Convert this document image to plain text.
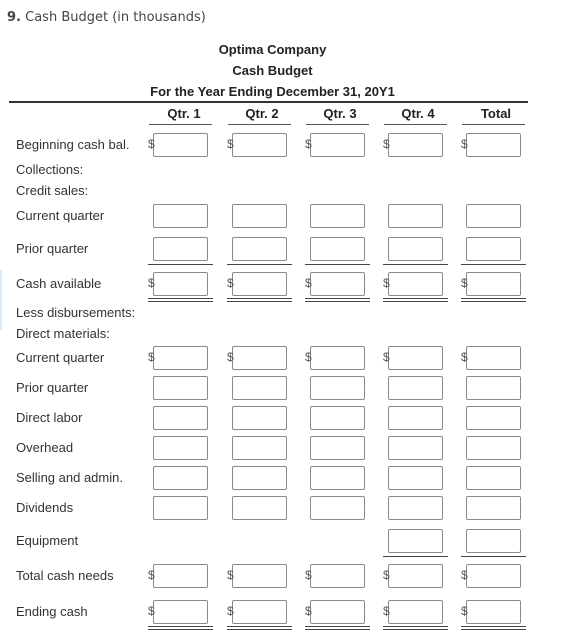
9. Cash Budget (in thousands)
Optima Company
Cash Budget
For the Year Ending December 31, 20Y1
Qtr. 1	Qtr. 2	Qtr. 3	Qtr. 4	Total
Beginning cash bal. $	$	$	$	$
Collections:
Credit sales:
Current quarter
Prior quarter
Cash available	$	$	$	$	$
Less disbursements:
Direct materials:
Current quarter	$	$	$	$	$
Prior quarter
Direct labor
Overhead
Selling and admin.
Dividends
Equipment
Total cash needs	$	$	$	$	$
Ending cash	$	$	$	$	$
